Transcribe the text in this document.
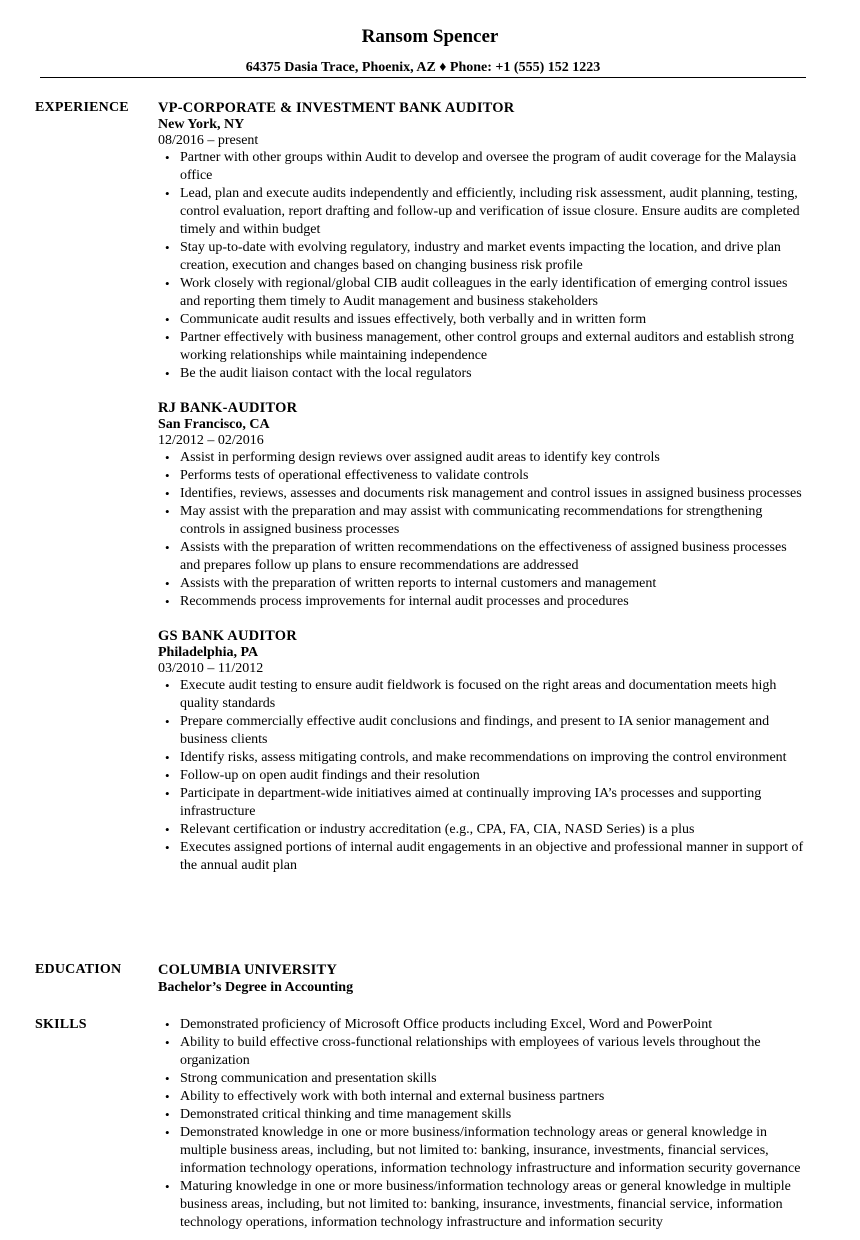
Ransom Spencer
64375 Dasia Trace, Phoenix, AZ ♦ Phone: +1 (555) 152 1223
EXPERIENCE VP-CORPORATE & INVESTMENT BANK AUDITOR
New York, NY
08/2016 – present
• Partner with other groups within Audit to develop and oversee the program of audit coverage for the Malaysia office
• Lead, plan and execute audits independently and efficiently, including risk assessment, audit planning, testing, control evaluation, report drafting and follow-up and verification of issue closure. Ensure audits are completed timely and within budget
• Stay up-to-date with evolving regulatory, industry and market events impacting the location, and drive plan creation, execution and changes based on changing business risk profile
• Work closely with regional/global CIB audit colleagues in the early identification of emerging control issues and reporting them timely to Audit management and business stakeholders
• Communicate audit results and issues effectively, both verbally and in written form
• Partner effectively with business management, other control groups and external auditors and establish strong working relationships while maintaining independence
• Be the audit liaison contact with the local regulators
RJ BANK-AUDITOR
San Francisco, CA
12/2012 – 02/2016
• Assist in performing design reviews over assigned audit areas to identify key controls
• Performs tests of operational effectiveness to validate controls
• Identifies, reviews, assesses and documents risk management and control issues in assigned business processes
• May assist with the preparation and may assist with communicating recommendations for strengthening controls in assigned business processes
• Assists with the preparation of written recommendations on the effectiveness of assigned business processes and prepares follow up plans to ensure recommendations are addressed
• Assists with the preparation of written reports to internal customers and management
• Recommends process improvements for internal audit processes and procedures
GS BANK AUDITOR
Philadelphia, PA
03/2010 – 11/2012
• Execute audit testing to ensure audit fieldwork is focused on the right areas and documentation meets high quality standards
• Prepare commercially effective audit conclusions and findings, and present to IA senior management and business clients
• Identify risks, assess mitigating controls, and make recommendations on improving the control environment
• Follow-up on open audit findings and their resolution
• Participate in department-wide initiatives aimed at continually improving IA’s processes and supporting infrastructure
• Relevant certification or industry accreditation (e.g., CPA, FA, CIA, NASD Series) is a plus
• Executes assigned portions of internal audit engagements in an objective and professional manner in support of the annual audit plan
EDUCATION	COLUMBIA UNIVERSITY
Bachelor’s Degree in Accounting
SKILLS
•	Demonstrated proficiency of Microsoft Office products including Excel, Word and PowerPoint
• Ability to build effective cross-functional relationships with employees of various levels throughout the organization
• Strong communication and presentation skills
• Ability to effectively work with both internal and external business partners
• Demonstrated critical thinking and time management skills
• Demonstrated knowledge in one or more business/information technology areas or general knowledge in multiple business areas, including, but not limited to: banking, insurance, investments, financial services, information technology operations, information technology infrastructure and information security governance
• Maturing knowledge in one or more business/information technology areas or general knowledge in multiple business areas, including, but not limited to: banking, insurance, investments, financial service, information technology operations, information technology infrastructure and information security
